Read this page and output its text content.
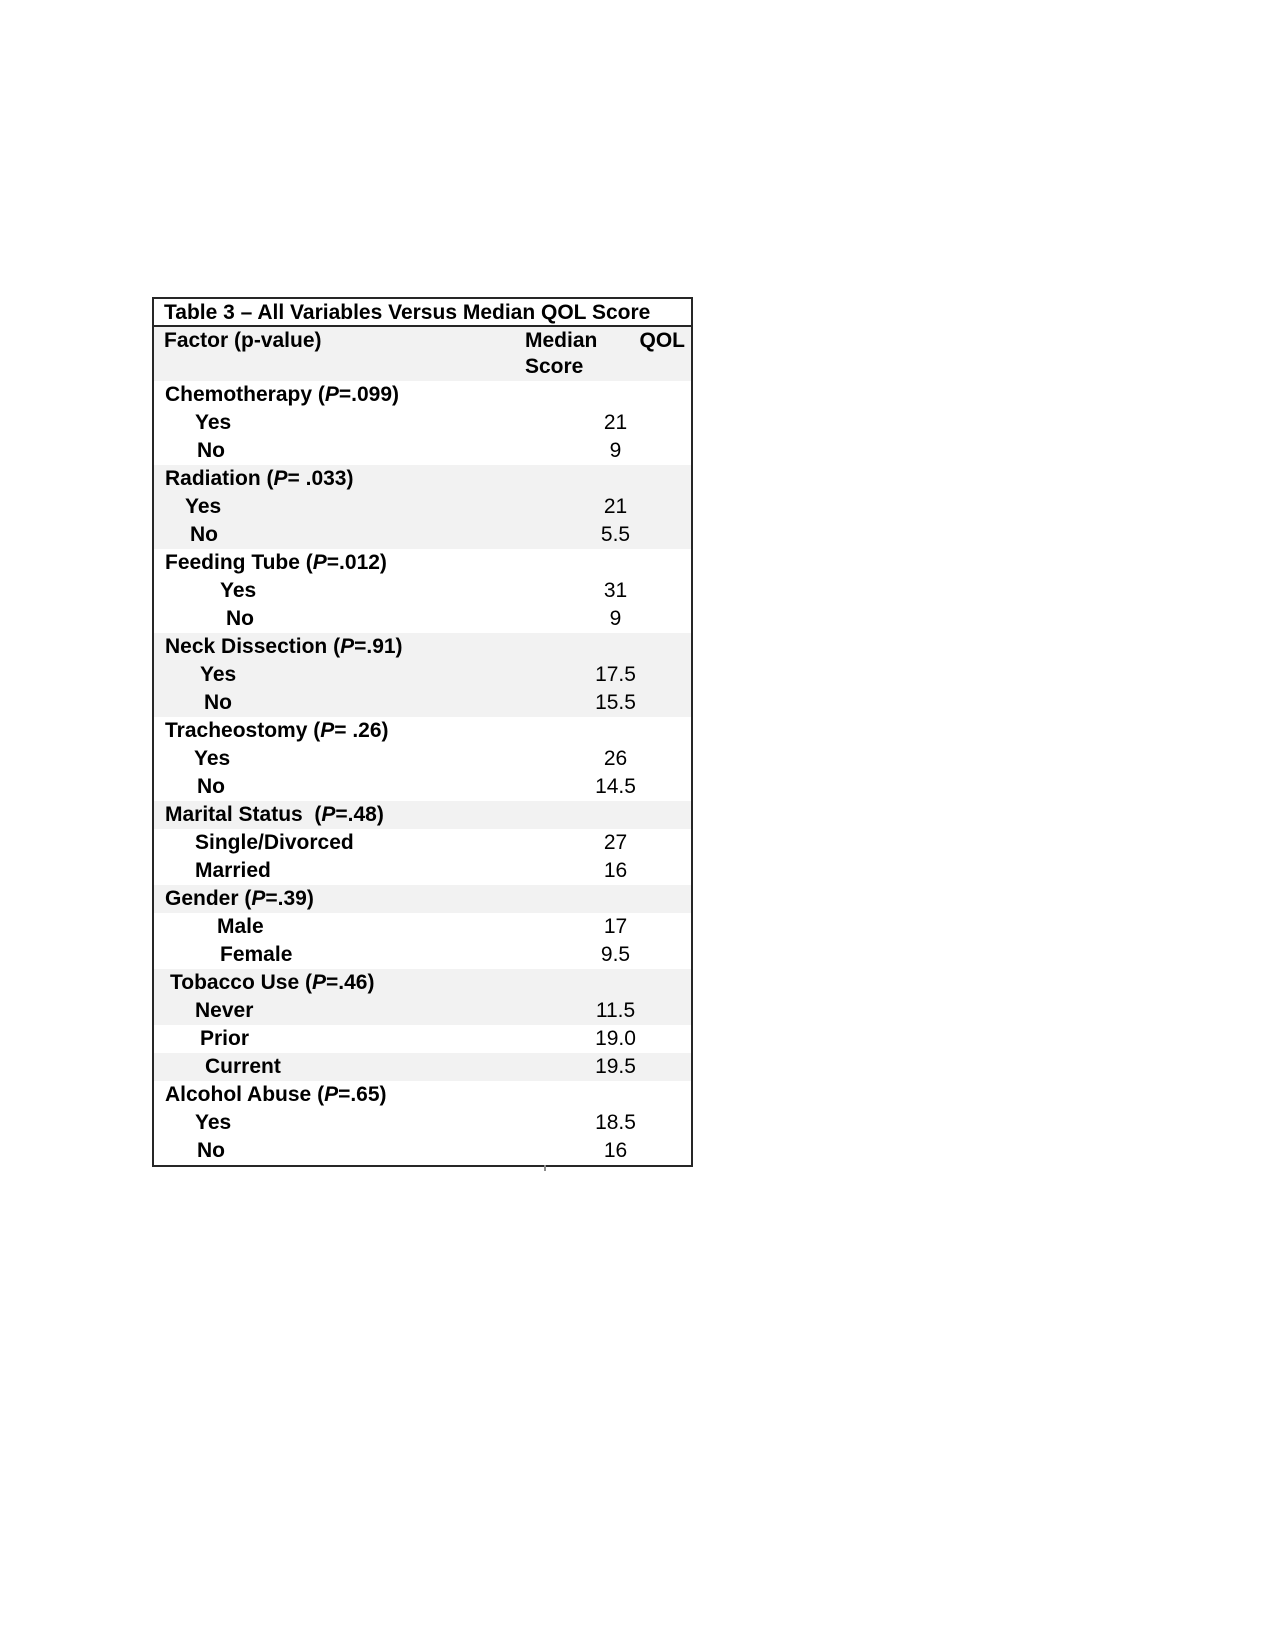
Table 3 – All Variables Versus Median QOL Score
Factor (p-value)	Median QOL Score
Chemotherapy (P=.099)
Yes	21
No	9
Radiation (P= .033)
Yes	21
No	5.5
Feeding Tube (P=.012)
Yes	31
No	9
Neck Dissection (P=.91)
Yes	17.5
No	15.5
Tracheostomy (P= .26)
Yes	26
No	14.5
Marital Status  (P=.48)
Single/Divorced	27
Married	16
Gender (P=.39)
Male	17
Female	9.5
Tobacco Use (P=.46)
Never	11.5
Prior	19.0
Current	19.5
Alcohol Abuse (P=.65)
Yes	18.5
No	16
